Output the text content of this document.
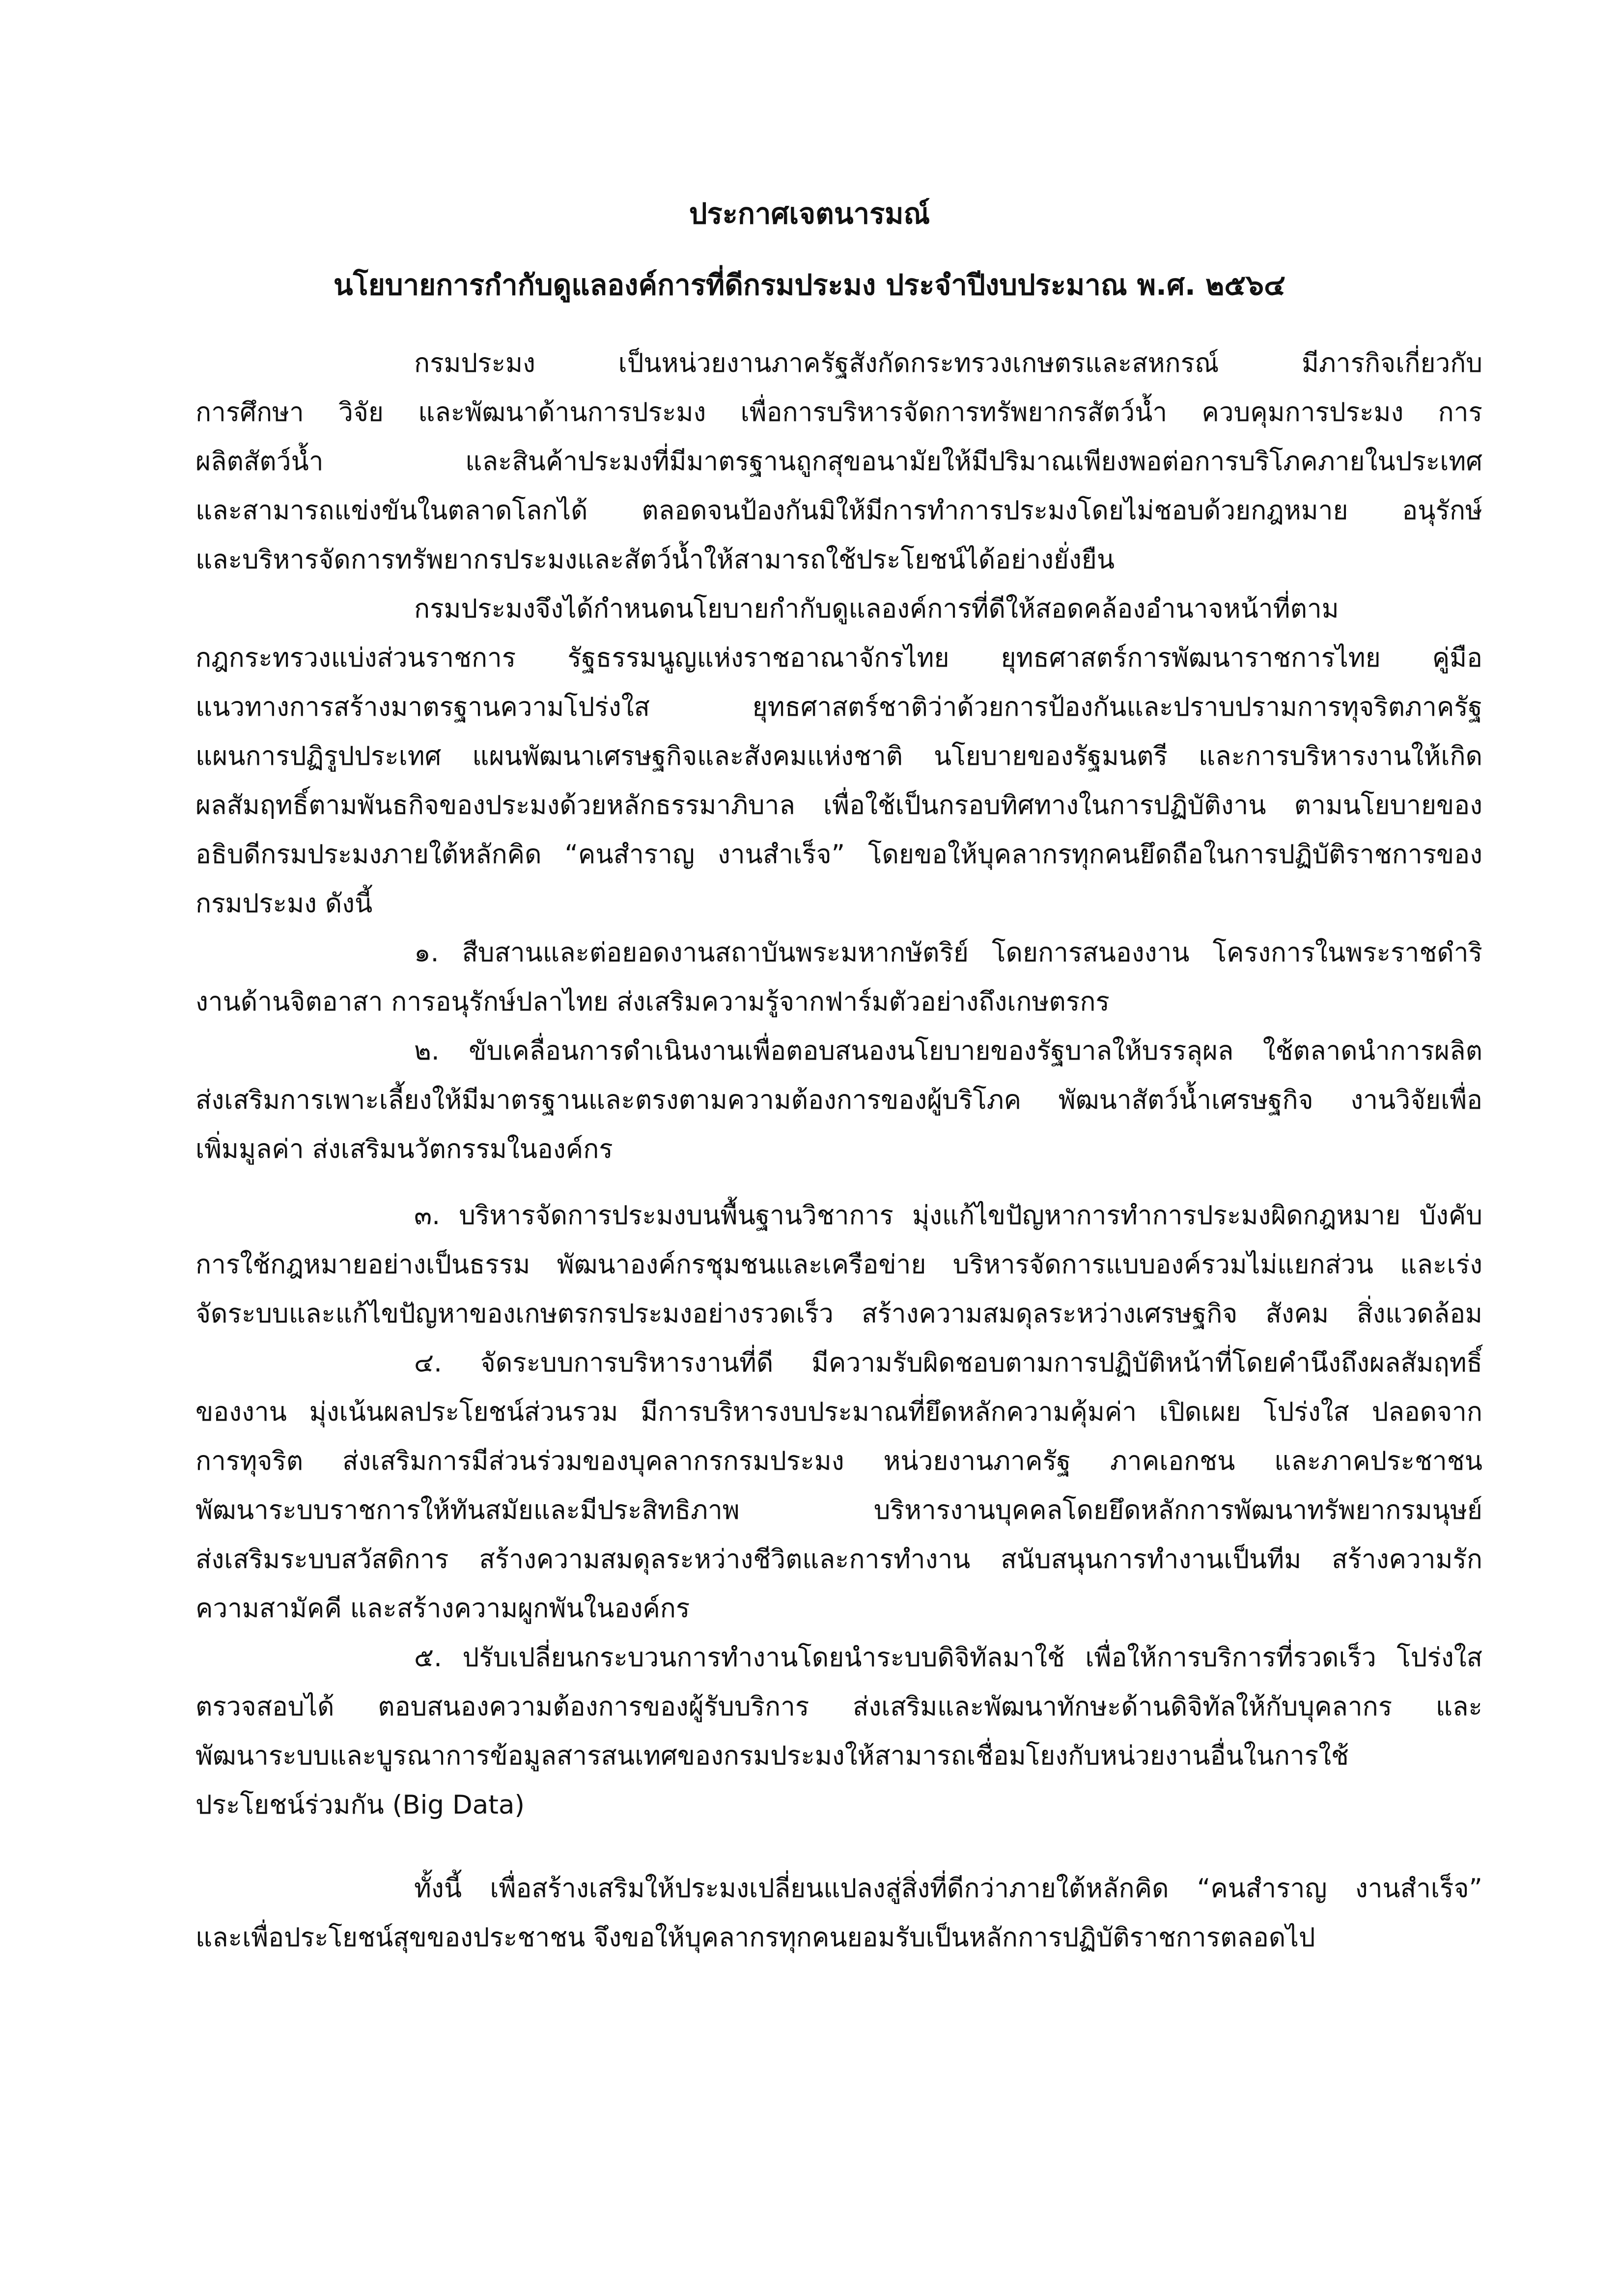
ประกาศเจตนารมณ์
นโยบายการกำกับดูแลองค์การที่ดีกรมประมง ประจำปีงบประมาณ พ.ศ. ๒๕๖๔
กรมประมง เป็นหน่วยงานภาครัฐสังกัดกระทรวงเกษตรและสหกรณ์ มีภารกิจเกี่ยวกับ
การศึกษา วิจัย และพัฒนาด้านการประมง เพื่อการบริหารจัดการทรัพยากรสัตว์น้ำ ควบคุมการประมง การ
ผลิตสัตว์น้ำ และสินค้าประมงที่มีมาตรฐานถูกสุขอนามัยให้มีปริมาณเพียงพอต่อการบริโภคภายในประเทศ
และสามารถแข่งขันในตลาดโลกได้ ตลอดจนป้องกันมิให้มีการทำการประมงโดยไม่ชอบด้วยกฎหมาย อนุรักษ์
และบริหารจัดการทรัพยากรประมงและสัตว์น้ำให้สามารถใช้ประโยชน์ได้อย่างยั่งยืน
กรมประมงจึงได้กำหนดนโยบายกำกับดูแลองค์การที่ดีให้สอดคล้องอำนาจหน้าที่ตาม
กฎกระทรวงแบ่งส่วนราชการ รัฐธรรมนูญแห่งราชอาณาจักรไทย ยุทธศาสตร์การพัฒนาราชการไทย คู่มือ
แนวทางการสร้างมาตรฐานความโปร่งใส ยุทธศาสตร์ชาติว่าด้วยการป้องกันและปราบปรามการทุจริตภาครัฐ
แผนการปฏิรูปประเทศ แผนพัฒนาเศรษฐกิจและสังคมแห่งชาติ นโยบายของรัฐมนตรี และการบริหารงานให้เกิด
ผลสัมฤทธิ์ตามพันธกิจของประมงด้วยหลักธรรมาภิบาล เพื่อใช้เป็นกรอบทิศทางในการปฏิบัติงาน ตามนโยบายของ
อธิบดีกรมประมงภายใต้หลักคิด “คนสำราญ งานสำเร็จ” โดยขอให้บุคลากรทุกคนยึดถือในการปฏิบัติราชการของ
กรมประมง ดังนี้
๑. สืบสานและต่อยอดงานสถาบันพระมหากษัตริย์ โดยการสนองงาน โครงการในพระราชดำริ
งานด้านจิตอาสา การอนุรักษ์ปลาไทย ส่งเสริมความรู้จากฟาร์มตัวอย่างถึงเกษตรกร
๒. ขับเคลื่อนการดำเนินงานเพื่อตอบสนองนโยบายของรัฐบาลให้บรรลุผล ใช้ตลาดนำการผลิต
ส่งเสริมการเพาะเลี้ยงให้มีมาตรฐานและตรงตามความต้องการของผู้บริโภค พัฒนาสัตว์น้ำเศรษฐกิจ งานวิจัยเพื่อ
เพิ่มมูลค่า ส่งเสริมนวัตกรรมในองค์กร
๓. บริหารจัดการประมงบนพื้นฐานวิชาการ มุ่งแก้ไขปัญหาการทำการประมงผิดกฎหมาย บังคับ
การใช้กฎหมายอย่างเป็นธรรม พัฒนาองค์กรชุมชนและเครือข่าย บริหารจัดการแบบองค์รวมไม่แยกส่วน และเร่ง
จัดระบบและแก้ไขปัญหาของเกษตรกรประมงอย่างรวดเร็ว สร้างความสมดุลระหว่างเศรษฐกิจ สังคม สิ่งแวดล้อม
๔. จัดระบบการบริหารงานที่ดี มีความรับผิดชอบตามการปฏิบัติหน้าที่โดยคำนึงถึงผลสัมฤทธิ์
ของงาน มุ่งเน้นผลประโยชน์ส่วนรวม มีการบริหารงบประมาณที่ยึดหลักความคุ้มค่า เปิดเผย โปร่งใส ปลอดจาก
การทุจริต ส่งเสริมการมีส่วนร่วมของบุคลากรกรมประมง หน่วยงานภาครัฐ ภาคเอกชน และภาคประชาชน
พัฒนาระบบราชการให้ทันสมัยและมีประสิทธิภาพ บริหารงานบุคคลโดยยึดหลักการพัฒนาทรัพยากรมนุษย์
ส่งเสริมระบบสวัสดิการ สร้างความสมดุลระหว่างชีวิตและการทำงาน สนับสนุนการทำงานเป็นทีม สร้างความรัก
ความสามัคคี และสร้างความผูกพันในองค์กร
๕. ปรับเปลี่ยนกระบวนการทำงานโดยนำระบบดิจิทัลมาใช้ เพื่อให้การบริการที่รวดเร็ว โปร่งใส
ตรวจสอบได้ ตอบสนองความต้องการของผู้รับบริการ ส่งเสริมและพัฒนาทักษะด้านดิจิทัลให้กับบุคลากร และ
พัฒนาระบบและบูรณาการข้อมูลสารสนเทศของกรมประมงให้สามารถเชื่อมโยงกับหน่วยงานอื่นในการใช้
ประโยชน์ร่วมกัน (Big Data)
ทั้งนี้ เพื่อสร้างเสริมให้ประมงเปลี่ยนแปลงสู่สิ่งที่ดีกว่าภายใต้หลักคิด “คนสำราญ งานสำเร็จ”
และเพื่อประโยชน์สุขของประชาชน จึงขอให้บุคลากรทุกคนยอมรับเป็นหลักการปฏิบัติราชการตลอดไป
